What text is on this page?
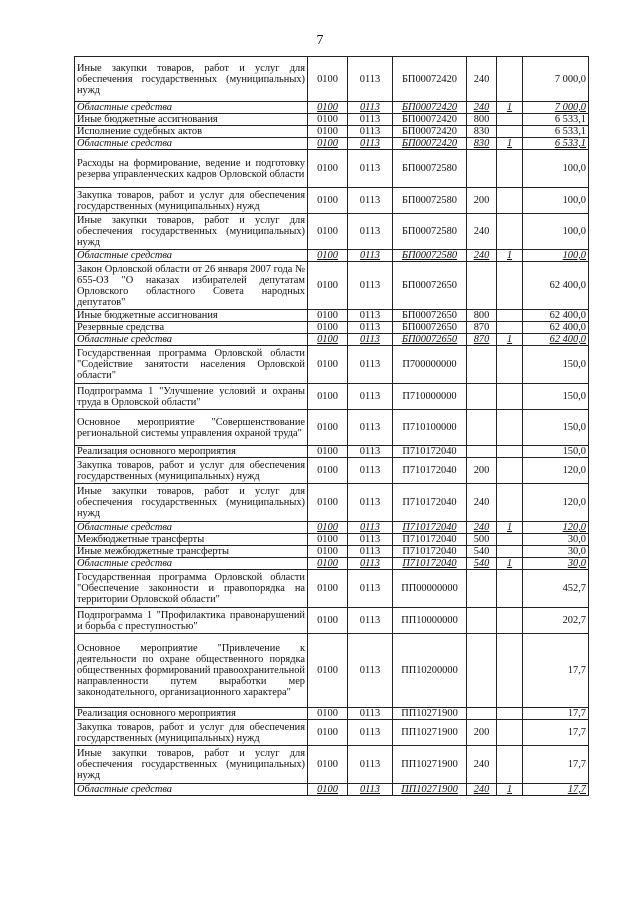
7
Иные закупки товаров, работ и услуг для обеспечения государственных (муниципальных) нужд	0100	0113	БП00072420	240		7 000,0
Областные средства	0100	0113	БП00072420	240	1	7 000,0
Иные бюджетные ассигнования	0100	0113	БП00072420	800		6 533,1
Исполнение судебных актов	0100	0113	БП00072420	830		6 533,1
Областные средства	0100	0113	БП00072420	830	1	6 533,1
Расходы на формирование, ведение и подготовку резерва управленческих кадров Орловской области	0100	0113	БП00072580			100,0
Закупка товаров, работ и услуг для обеспечения государственных (муниципальных) нужд	0100	0113	БП00072580	200		100,0
Иные закупки товаров, работ и услуг для обеспечения государственных (муниципальных) нужд	0100	0113	БП00072580	240		100,0
Областные средства	0100	0113	БП00072580	240	1	100,0
Закон Орловской области от 26 января 2007 года № 655-ОЗ "О наказах избирателей депутатам Орловского областного Совета народных депутатов"	0100	0113	БП00072650			62 400,0
Иные бюджетные ассигнования	0100	0113	БП00072650	800		62 400,0
Резервные средства	0100	0113	БП00072650	870		62 400,0
Областные средства	0100	0113	БП00072650	870	1	62 400,0
Государственная программа Орловской области "Содействие занятости населения Орловской области"	0100	0113	П700000000			150,0
Подпрограмма 1 "Улучшение условий и охраны труда в Орловской области"	0100	0113	П710000000			150,0
Основное мероприятие "Совершенствование региональной системы управления охраной труда"	0100	0113	П710100000			150,0
Реализация основного мероприятия	0100	0113	П710172040			150,0
Закупка товаров, работ и услуг для обеспечения государственных (муниципальных) нужд	0100	0113	П710172040	200		120,0
Иные закупки товаров, работ и услуг для обеспечения государственных (муниципальных) нужд	0100	0113	П710172040	240		120,0
Областные средства	0100	0113	П710172040	240	1	120,0
Межбюджетные трансферты	0100	0113	П710172040	500		30,0
Иные межбюджетные трансферты	0100	0113	П710172040	540		30,0
Областные средства	0100	0113	П710172040	540	1	30,0
Государственная программа Орловской области "Обеспечение законности и правопорядка на территории Орловской области"	0100	0113	ПП00000000			452,7
Подпрограмма 1 "Профилактика правонарушений и борьба с преступностью"	0100	0113	ПП10000000			202,7
Основное мероприятие "Привлечение к деятельности по охране общественного порядка общественных формирований правоохранительной направленности путем выработки мер законодательного, организационного характера"	0100	0113	ПП10200000			17,7
Реализация основного мероприятия	0100	0113	ПП10271900			17,7
Закупка товаров, работ и услуг для обеспечения государственных (муниципальных) нужд	0100	0113	ПП10271900	200		17,7
Иные закупки товаров, работ и услуг для обеспечения государственных (муниципальных) нужд	0100	0113	ПП10271900	240		17,7
Областные средства	0100	0113	ПП10271900	240	1	17,7
